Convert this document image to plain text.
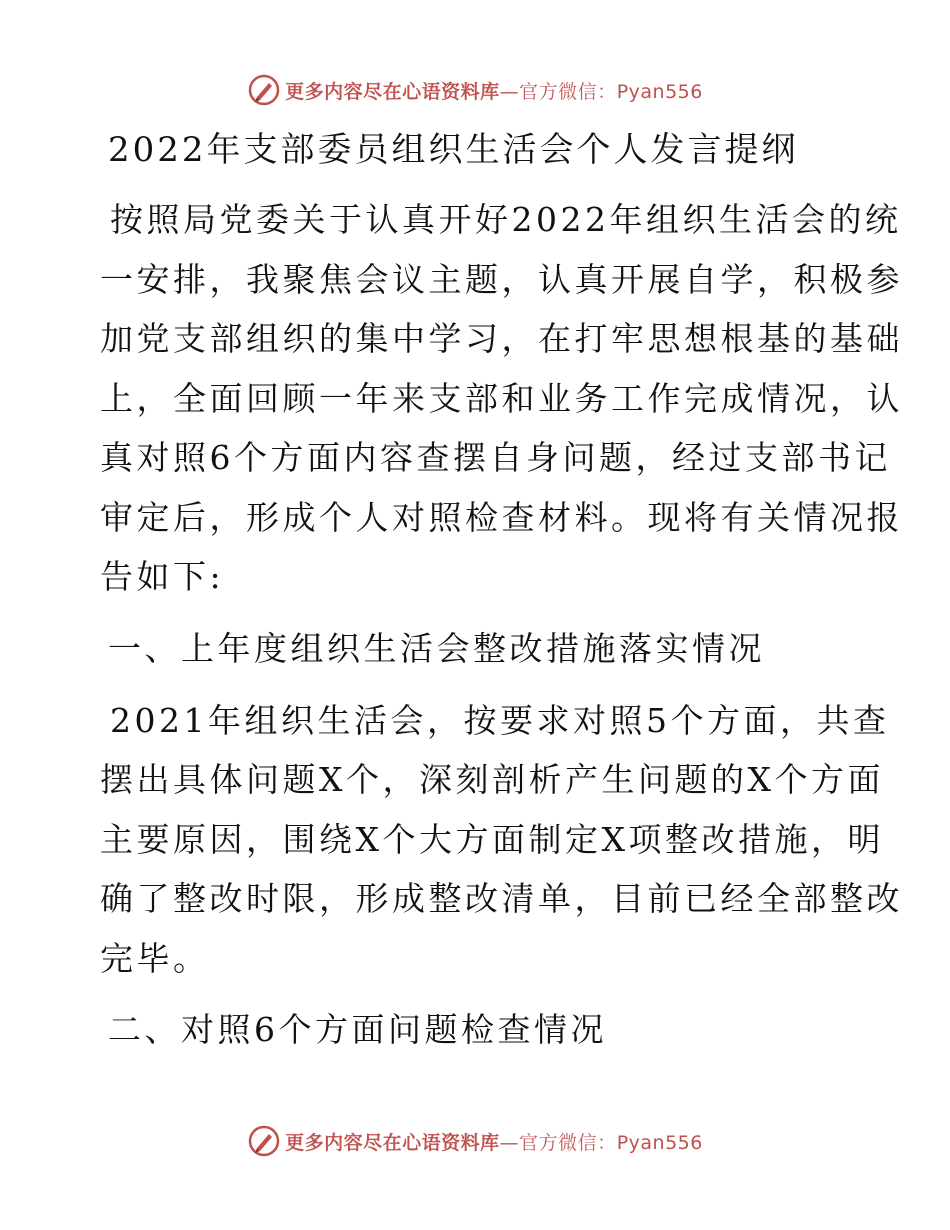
更多内容尽在心语资料库—官方微信：Pyan556
2022年支部委员组织生活会个人发言提纲
按照局党委关于认真开好2022年组织生活会的统
一安排，我聚焦会议主题，认真开展自学，积极参
加党支部组织的集中学习，在打牢思想根基的基础
上，全面回顾一年来支部和业务工作完成情况，认
真对照6个方面内容查摆自身问题，经过支部书记
审定后，形成个人对照检查材料。现将有关情况报
告如下:
一、上年度组织生活会整改措施落实情况
2021年组织生活会，按要求对照5个方面，共查
摆出具体问题X个，深刻剖析产生问题的X个方面
主要原因，围绕X个大方面制定X项整改措施，明
确了整改时限，形成整改清单，目前已经全部整改
完毕。
二、对照6个方面问题检查情况
更多内容尽在心语资料库—官方微信：Pyan556
